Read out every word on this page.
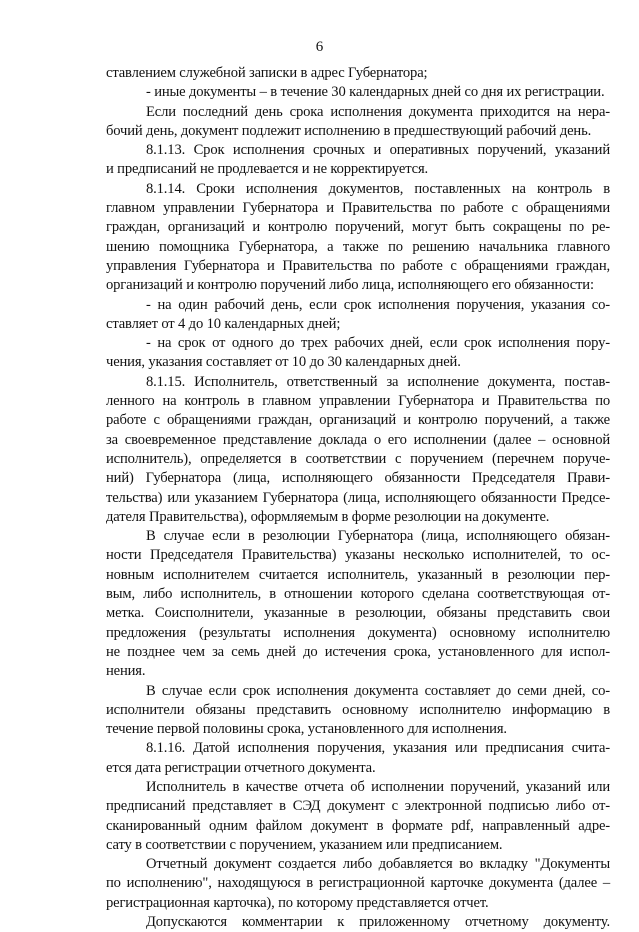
6
ставлением служебной записки в адрес Губернатора;
- иные документы – в течение 30 календарных дней со дня их регистрации.
Если последний день срока исполнения документа приходится на нера-
бочий день, документ подлежит исполнению в предшествующий рабочий день.
8.1.13. Срок исполнения срочных и оперативных поручений, указаний
и предписаний не продлевается и не корректируется.
8.1.14. Сроки исполнения документов, поставленных на контроль в
главном управлении Губернатора и Правительства по работе с обращениями
граждан, организаций и контролю поручений, могут быть сокращены по ре-
шению помощника Губернатора, а также по решению начальника главного
управления Губернатора и Правительства по работе с обращениями граждан,
организаций и контролю поручений либо лица, исполняющего его обязанности:
- на один рабочий день, если срок исполнения поручения, указания со-
ставляет от 4 до 10 календарных дней;
- на срок от одного до трех рабочих дней, если срок исполнения пору-
чения, указания составляет от 10 до 30 календарных дней.
8.1.15. Исполнитель, ответственный за исполнение документа, постав-
ленного на контроль в главном управлении Губернатора и Правительства по
работе с обращениями граждан, организаций и контролю поручений, а также
за своевременное представление доклада о его исполнении (далее – основной
исполнитель), определяется в соответствии с поручением (перечнем поруче-
ний) Губернатора (лица, исполняющего обязанности Председателя Прави-
тельства) или указанием Губернатора (лица, исполняющего обязанности Предсе-
дателя Правительства), оформляемым в форме резолюции на документе.
В случае если в резолюции Губернатора (лица, исполняющего обязан-
ности Председателя Правительства) указаны несколько исполнителей, то ос-
новным исполнителем считается исполнитель, указанный в резолюции пер-
вым, либо исполнитель, в отношении которого сделана соответствующая от-
метка. Соисполнители, указанные в резолюции, обязаны представить свои
предложения (результаты исполнения документа) основному исполнителю
не позднее чем за семь дней до истечения срока, установленного для испол-
нения.
В случае если срок исполнения документа составляет до семи дней, со-
исполнители обязаны представить основному исполнителю информацию в
течение первой половины срока, установленного для исполнения.
8.1.16. Датой исполнения поручения, указания или предписания счита-
ется дата регистрации отчетного документа.
Исполнитель в качестве отчета об исполнении поручений, указаний или
предписаний представляет в СЭД документ с электронной подписью либо от-
сканированный одним файлом документ в формате pdf, направленный адре-
сату в соответствии с поручением, указанием или предписанием.
Отчетный документ создается либо добавляется во вкладку "Документы
по исполнению", находящуюся в регистрационной карточке документа (далее –
регистрационная карточка), по которому представляется отчет.
Допускаются комментарии к приложенному отчетному документу.
